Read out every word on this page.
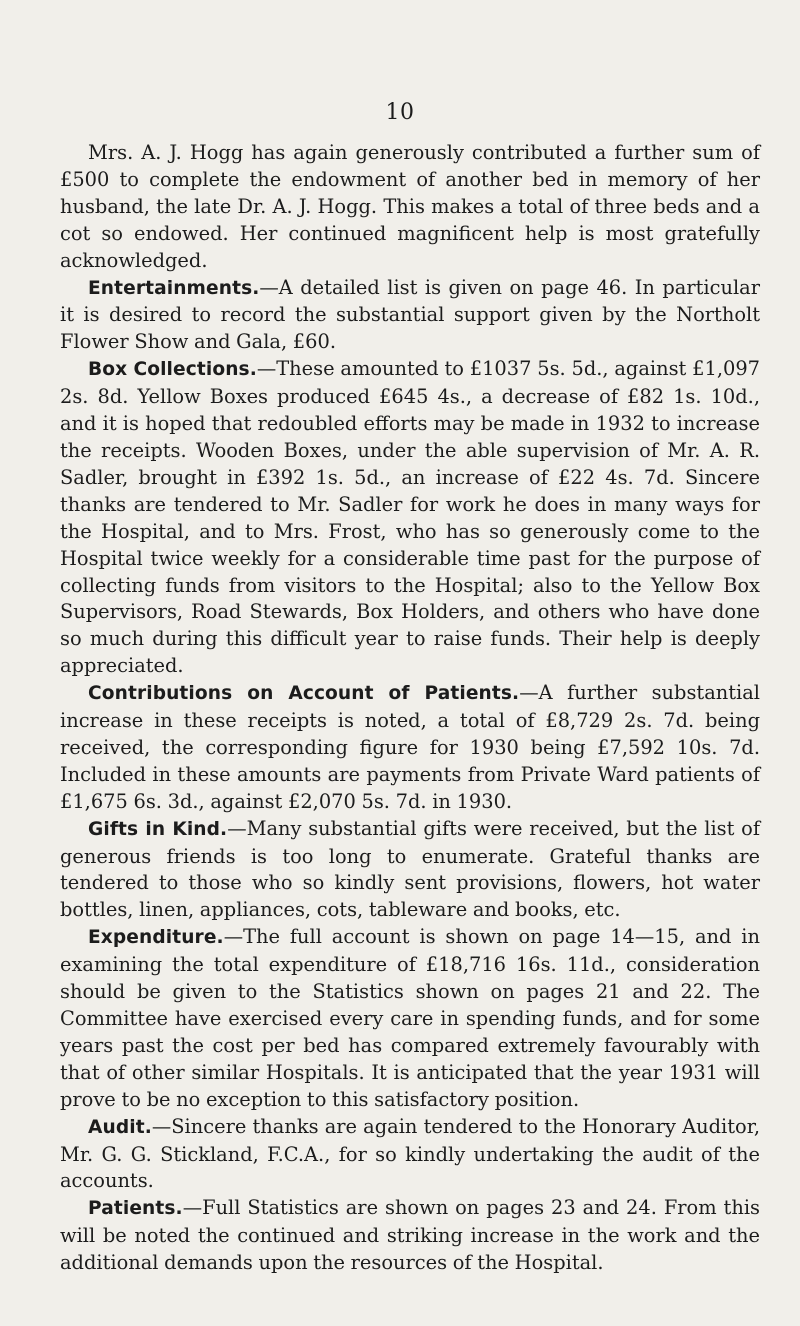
10

Mrs. A. J. Hogg has again generously contributed a further sum of £500 to complete the endowment of another bed in memory of her husband, the late Dr. A. J. Hogg. This makes a total of three beds and a cot so endowed. Her continued magnificent help is most gratefully acknowledged.

Entertainments.—A detailed list is given on page 46. In particular it is desired to record the substantial support given by the Northolt Flower Show and Gala, £60.

Box Collections.—These amounted to £1037 5s. 5d., against £1,097 2s. 8d. Yellow Boxes produced £645 4s., a decrease of £82 1s. 10d., and it is hoped that redoubled efforts may be made in 1932 to increase the receipts. Wooden Boxes, under the able supervision of Mr. A. R. Sadler, brought in £392 1s. 5d., an increase of £22 4s. 7d. Sincere thanks are tendered to Mr. Sadler for work he does in many ways for the Hospital, and to Mrs. Frost, who has so generously come to the Hospital twice weekly for a considerable time past for the purpose of collecting funds from visitors to the Hospital; also to the Yellow Box Supervisors, Road Stewards, Box Holders, and others who have done so much during this difficult year to raise funds. Their help is deeply appreciated.

Contributions on Account of Patients.—A further substantial increase in these receipts is noted, a total of £8,729 2s. 7d. being received, the corresponding figure for 1930 being £7,592 10s. 7d. Included in these amounts are payments from Private Ward patients of £1,675 6s. 3d., against £2,070 5s. 7d. in 1930.

Gifts in Kind.—Many substantial gifts were received, but the list of generous friends is too long to enumerate. Grateful thanks are tendered to those who so kindly sent provisions, flowers, hot water bottles, linen, appliances, cots, tableware and books, etc.

Expenditure.—The full account is shown on page 14—15, and in examining the total expenditure of £18,716 16s. 11d., consideration should be given to the Statistics shown on pages 21 and 22. The Committee have exercised every care in spending funds, and for some years past the cost per bed has compared extremely favourably with that of other similar Hospitals. It is anticipated that the year 1931 will prove to be no exception to this satisfactory position.

Audit.—Sincere thanks are again tendered to the Honorary Auditor, Mr. G. G. Stickland, F.C.A., for so kindly undertaking the audit of the accounts.

Patients.—Full Statistics are shown on pages 23 and 24. From this will be noted the continued and striking increase in the work and the additional demands upon the resources of the Hospital.
